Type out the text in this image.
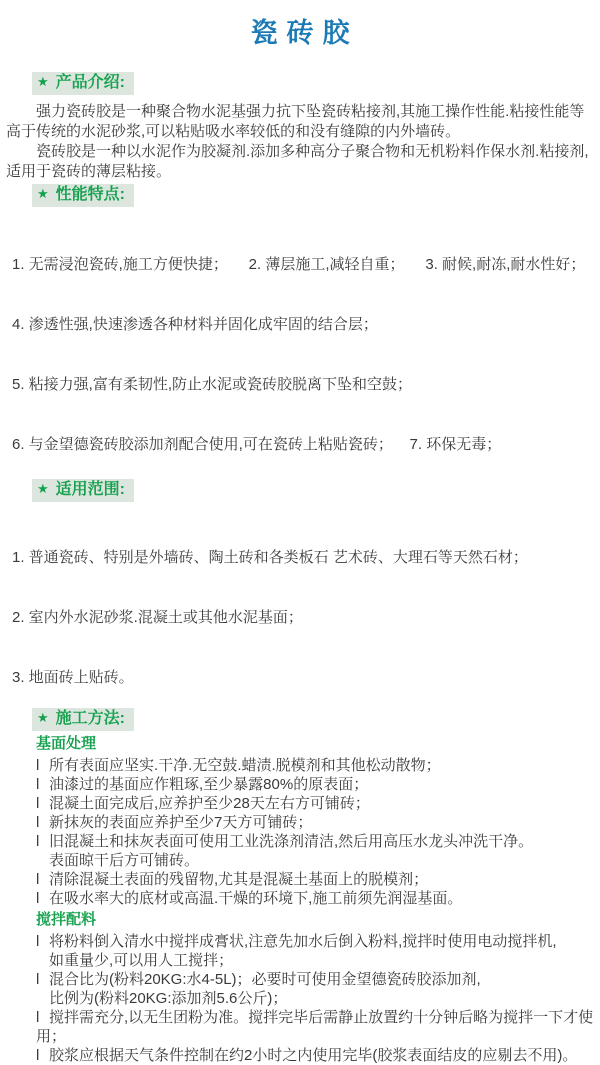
瓷砖胶
★ 产品介绍:
强力瓷砖胶是一种聚合物水泥基强力抗下坠瓷砖粘接剂,其施工操作性能.粘接性能等
高于传统的水泥砂浆,可以粘贴吸水率较低的和没有缝隙的内外墙砖。
瓷砖胶是一种以水泥作为胶凝剂.添加多种高分子聚合物和无机粉料作保水剂.粘接剂,
适用于瓷砖的薄层粘接。
★ 性能特点:

1. 无需浸泡瓷砖,施工方便快捷；     2. 薄层施工,减轻自重；     3. 耐候,耐冻,耐水性好；

4. 渗透性强,快速渗透各种材料并固化成牢固的结合层；

5. 粘接力强,富有柔韧性,防止水泥或瓷砖胶脱离下坠和空鼓；

6. 与金望德瓷砖胶添加剂配合使用,可在瓷砖上粘贴瓷砖；    7. 环保无毒；

★ 适用范围:

1. 普通瓷砖、特别是外墙砖、陶土砖和各类板石 艺术砖、大理石等天然石材；

2. 室内外水泥砂浆.混凝土或其他水泥基面；

3. 地面砖上贴砖。

★ 施工方法:
基面处理
l 所有表面应坚实.干净.无空鼓.蜡渍.脱模剂和其他松动散物；
l 油漆过的基面应作粗琢,至少暴露80%的原表面；
l 混凝土面完成后,应养护至少28天左右方可铺砖；
l 新抹灰的表面应养护至少7天方可铺砖；
l 旧混凝土和抹灰表面可使用工业洗涤剂清洁,然后用高压水龙头冲洗干净。
表面晾干后方可铺砖。
l 清除混凝土表面的残留物,尤其是混凝土基面上的脱模剂；
l 在吸水率大的底材或高温.干燥的环境下,施工前须先润湿基面。
搅拌配料
l 将粉料倒入清水中搅拌成膏状,注意先加水后倒入粉料,搅拌时使用电动搅拌机,
如重量少,可以用人工搅拌；
l 混合比为(粉料20KG:水4-5L)；必要时可使用金望德瓷砖胶添加剂,
比例为(粉料20KG:添加剂5.6公斤)；
l 搅拌需充分,以无生团粉为准。搅拌完毕后需静止放置约十分钟后略为搅拌一下才使用；
l 胶浆应根据天气条件控制在约2小时之内使用完毕(胶浆表面结皮的应剔去不用)。
